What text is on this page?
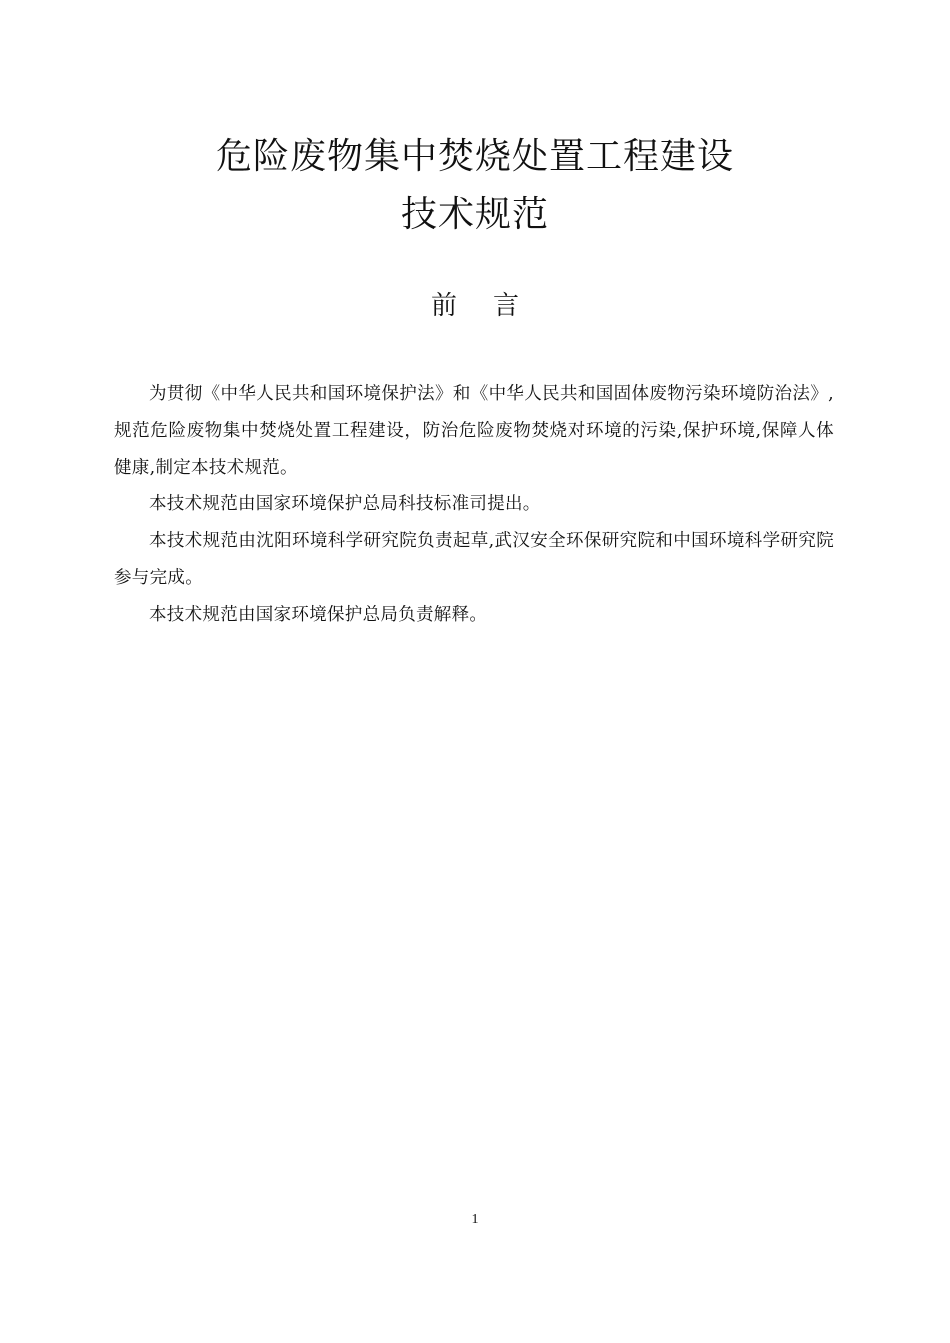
危险废物集中焚烧处置工程建设
技术规范
前言

为贯彻《中华人民共和国环境保护法》和《中华人民共和国固体废物污染环境防治法》,规范危险废物集中焚烧处置工程建设，防治危险废物焚烧对环境的污染,保护环境,保障人体健康,制定本技术规范。

本技术规范由国家环境保护总局科技标准司提出。

本技术规范由沈阳环境科学研究院负责起草,武汉安全环保研究院和中国环境科学研究院参与完成。

本技术规范由国家环境保护总局负责解释。

1
